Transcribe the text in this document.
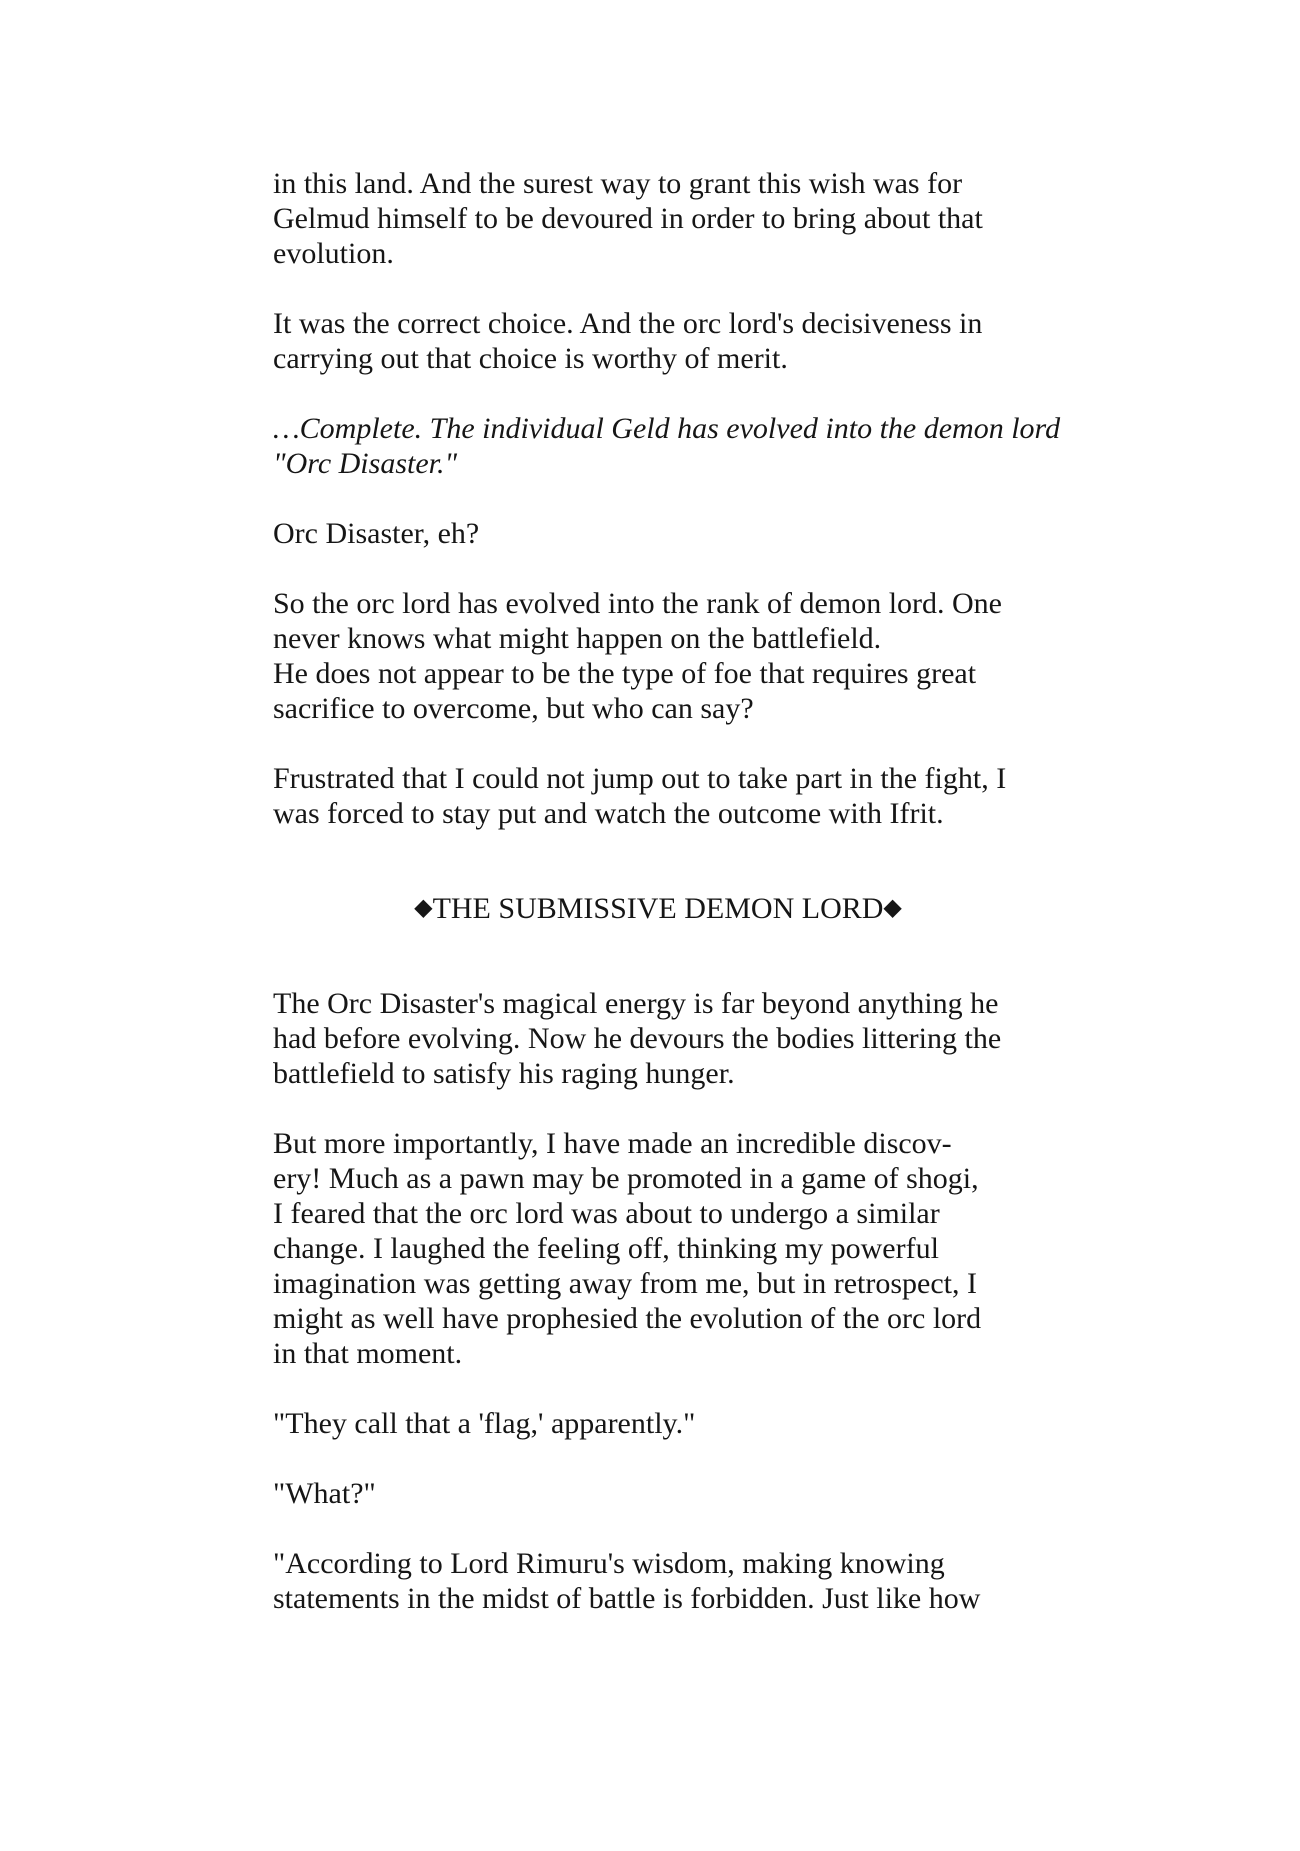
in this land. And the surest way to grant this wish was for
Gelmud himself to be devoured in order to bring about that
evolution.

It was the correct choice. And the orc lord's decisiveness in
carrying out that choice is worthy of merit.

…Complete. The individual Geld has evolved into the demon lord
"Orc Disaster."

Orc Disaster, eh?

So the orc lord has evolved into the rank of demon lord. One
never knows what might happen on the battlefield.
He does not appear to be the type of foe that requires great
sacrifice to overcome, but who can say?

Frustrated that I could not jump out to take part in the fight, I
was forced to stay put and watch the outcome with Ifrit.

◆THE SUBMISSIVE DEMON LORD◆

The Orc Disaster's magical energy is far beyond anything he
had before evolving. Now he devours the bodies littering the
battlefield to satisfy his raging hunger.

But more importantly, I have made an incredible discov-
ery! Much as a pawn may be promoted in a game of shogi,
I feared that the orc lord was about to undergo a similar
change. I laughed the feeling off, thinking my powerful
imagination was getting away from me, but in retrospect, I
might as well have prophesied the evolution of the orc lord
in that moment.

"They call that a 'flag,' apparently."

"What?"

"According to Lord Rimuru's wisdom, making knowing
statements in the midst of battle is forbidden. Just like how
